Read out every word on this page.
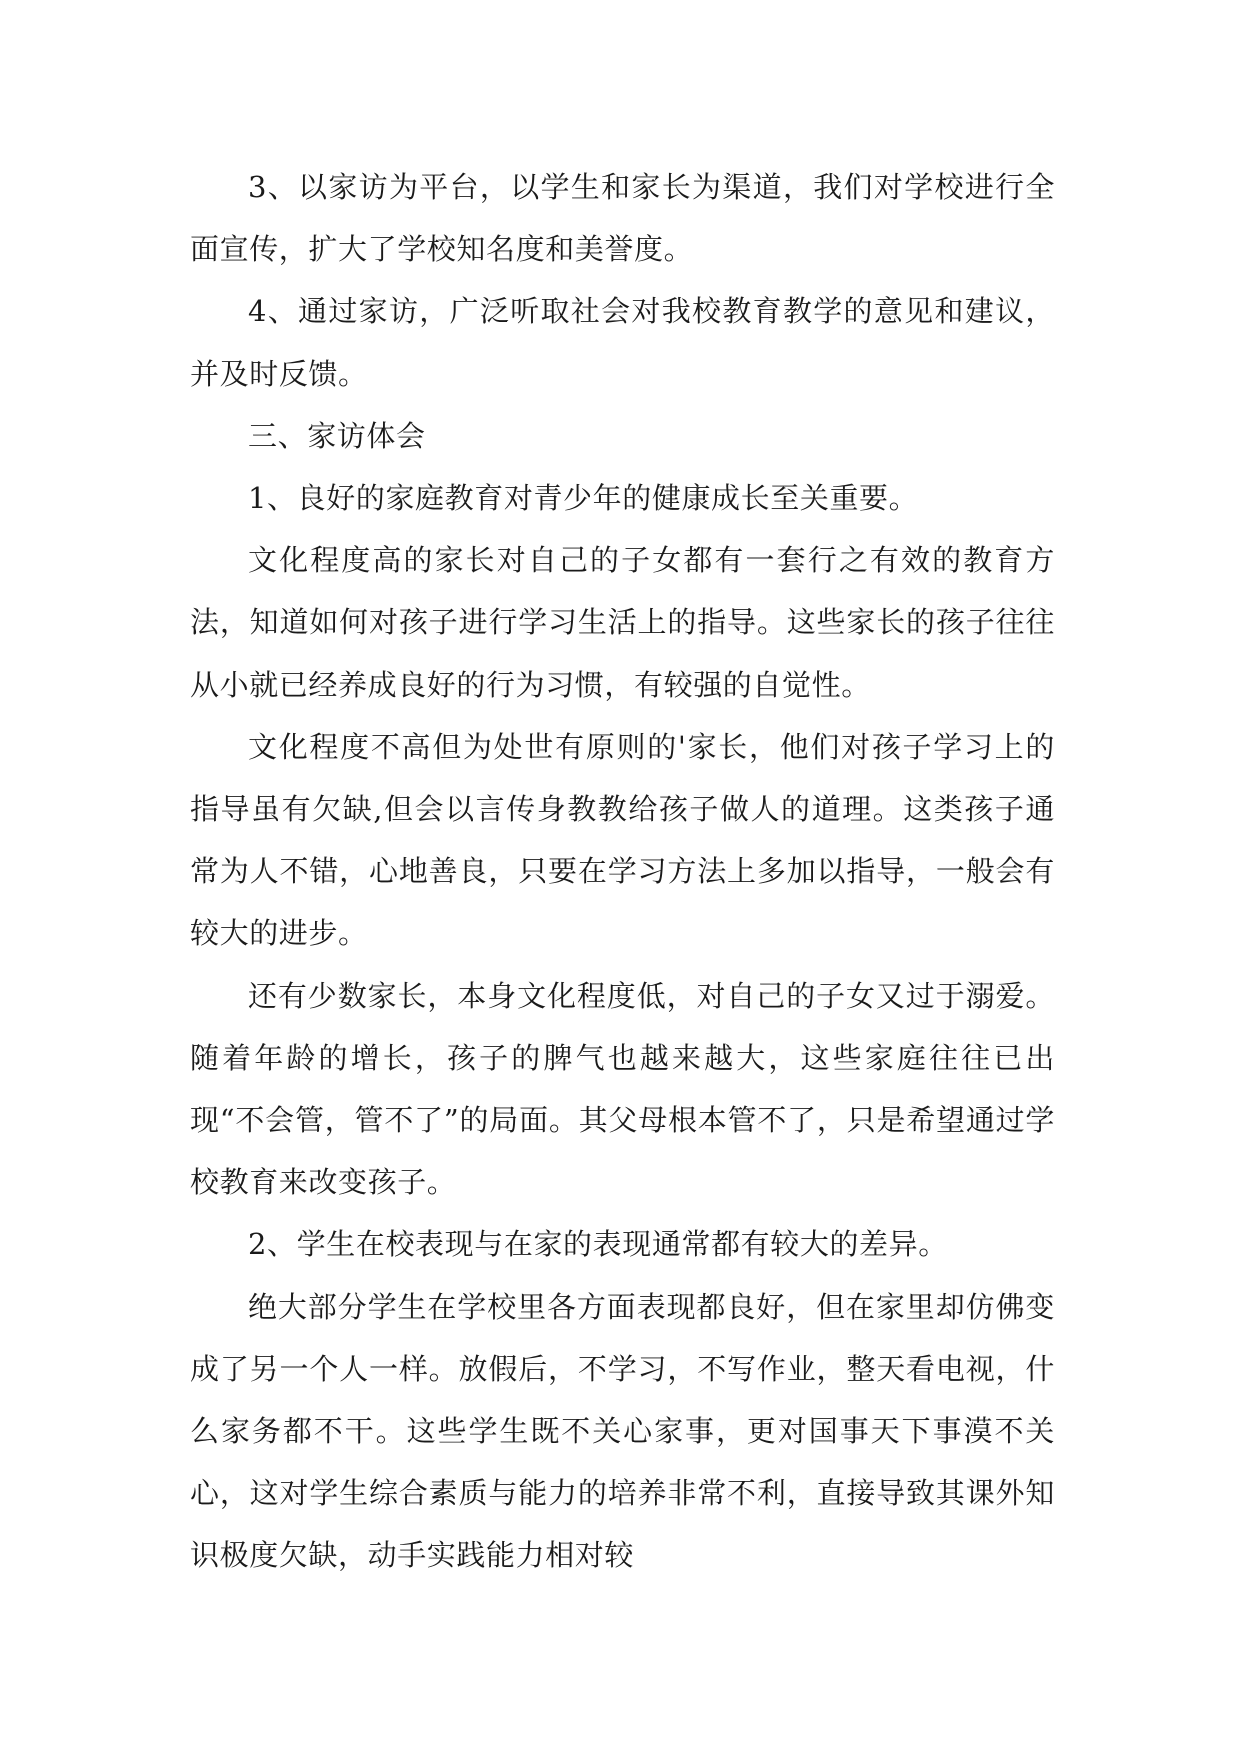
3、以家访为平台，以学生和家长为渠道，我们对学校进行全面宣传，扩大了学校知名度和美誉度。

4、通过家访，广泛听取社会对我校教育教学的意见和建议，并及时反馈。

三、家访体会

1、良好的家庭教育对青少年的健康成长至关重要。

文化程度高的家长对自己的子女都有一套行之有效的教育方法，知道如何对孩子进行学习生活上的指导。这些家长的孩子往往从小就已经养成良好的行为习惯，有较强的自觉性。

文化程度不高但为处世有原则的'家长，他们对孩子学习上的指导虽有欠缺,但会以言传身教教给孩子做人的道理。这类孩子通常为人不错，心地善良，只要在学习方法上多加以指导，一般会有较大的进步。

还有少数家长，本身文化程度低，对自己的子女又过于溺爱。随着年龄的增长，孩子的脾气也越来越大，这些家庭往往已出现“不会管，管不了”的局面。其父母根本管不了，只是希望通过学校教育来改变孩子。

2、学生在校表现与在家的表现通常都有较大的差异。

绝大部分学生在学校里各方面表现都良好，但在家里却仿佛变成了另一个人一样。放假后，不学习，不写作业，整天看电视，什么家务都不干。这些学生既不关心家事，更对国事天下事漠不关心，这对学生综合素质与能力的培养非常不利，直接导致其课外知识极度欠缺，动手实践能力相对较
